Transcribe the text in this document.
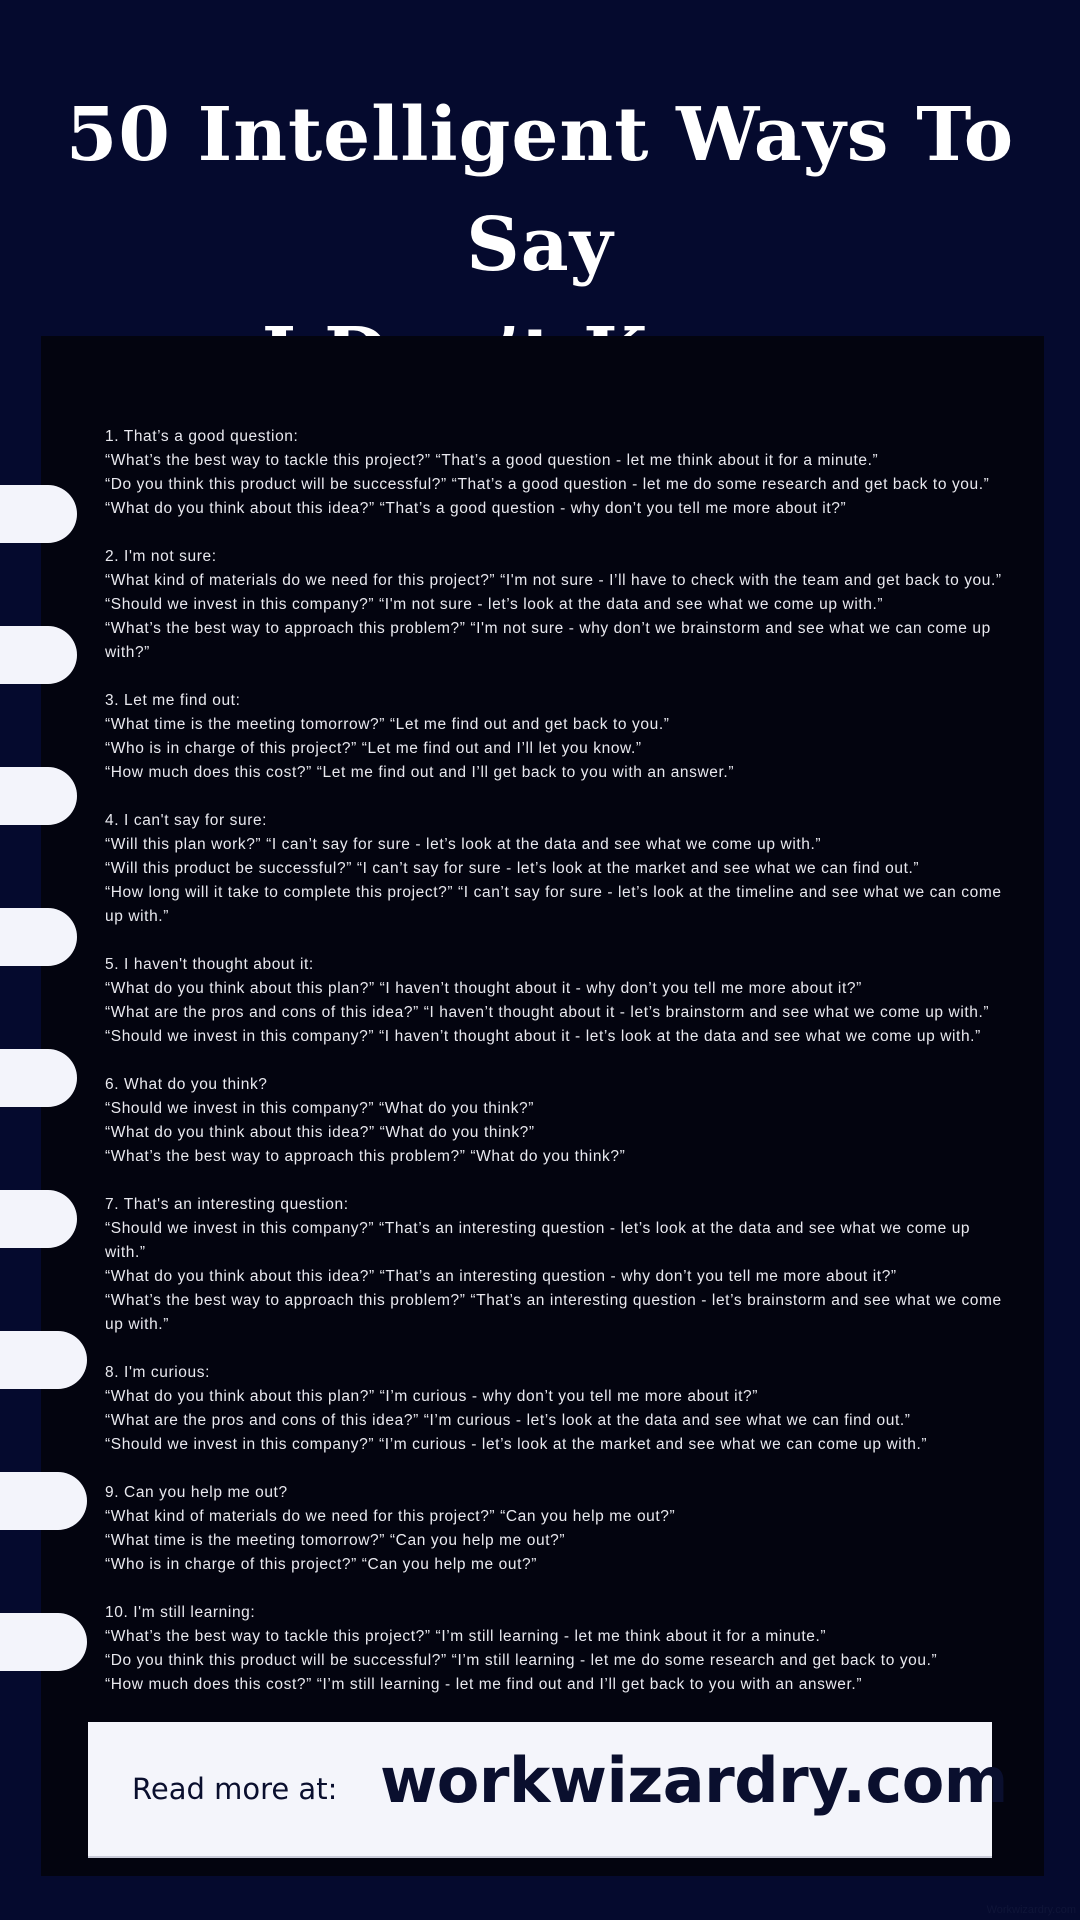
50 Intelligent Ways To Say
1. That’s a good question:
“What’s the best way to tackle this project?” “That’s a good question - let me think about it for a minute.”
“Do you think this product will be successful?” “That’s a good question - let me do some research and get back to you.”
“What do you think about this idea?” “That’s a good question - why don’t you tell me more about it?”
2. I'm not sure:
“What kind of materials do we need for this project?” “I'm not sure - I’ll have to check with the team and get back to you.”
“Should we invest in this company?” “I'm not sure - let’s look at the data and see what we come up with.”
“What’s the best way to approach this problem?” “I'm not sure - why don’t we brainstorm and see what we can come up with?”
3. Let me find out:
“What time is the meeting tomorrow?” “Let me find out and get back to you.”
“Who is in charge of this project?” “Let me find out and I’ll let you know.”
“How much does this cost?” “Let me find out and I’ll get back to you with an answer.”
4. I can't say for sure:
“Will this plan work?” “I can’t say for sure - let’s look at the data and see what we come up with.”
“Will this product be successful?” “I can’t say for sure - let’s look at the market and see what we can find out.”
“How long will it take to complete this project?” “I can’t say for sure - let’s look at the timeline and see what we can come up with.”
5. I haven't thought about it:
“What do you think about this plan?” “I haven’t thought about it - why don’t you tell me more about it?”
“What are the pros and cons of this idea?” “I haven’t thought about it - let’s brainstorm and see what we come up with.”
“Should we invest in this company?” “I haven’t thought about it - let’s look at the data and see what we come up with.”
6. What do you think?
“Should we invest in this company?” “What do you think?”
“What do you think about this idea?” “What do you think?”
“What’s the best way to approach this problem?” “What do you think?”
7. That's an interesting question:
“Should we invest in this company?” “That’s an interesting question - let’s look at the data and see what we come up with.”
“What do you think about this idea?” “That’s an interesting question - why don’t you tell me more about it?”
“What’s the best way to approach this problem?” “That’s an interesting question - let’s brainstorm and see what we come up with.”
8. I'm curious:
“What do you think about this plan?” “I’m curious - why don’t you tell me more about it?”
“What are the pros and cons of this idea?” “I’m curious - let’s look at the data and see what we can find out.”
“Should we invest in this company?” “I’m curious - let’s look at the market and see what we can come up with.”
9. Can you help me out?
“What kind of materials do we need for this project?” “Can you help me out?”
“What time is the meeting tomorrow?” “Can you help me out?”
“Who is in charge of this project?” “Can you help me out?”
10. I'm still learning:
“What’s the best way to tackle this project?” “I’m still learning - let me think about it for a minute.”
“Do you think this product will be successful?” “I’m still learning - let me do some research and get back to you.”
“How much does this cost?” “I’m still learning - let me find out and I’ll get back to you with an answer.”
Read more at: workwizardry.com
Workwizardry.com
